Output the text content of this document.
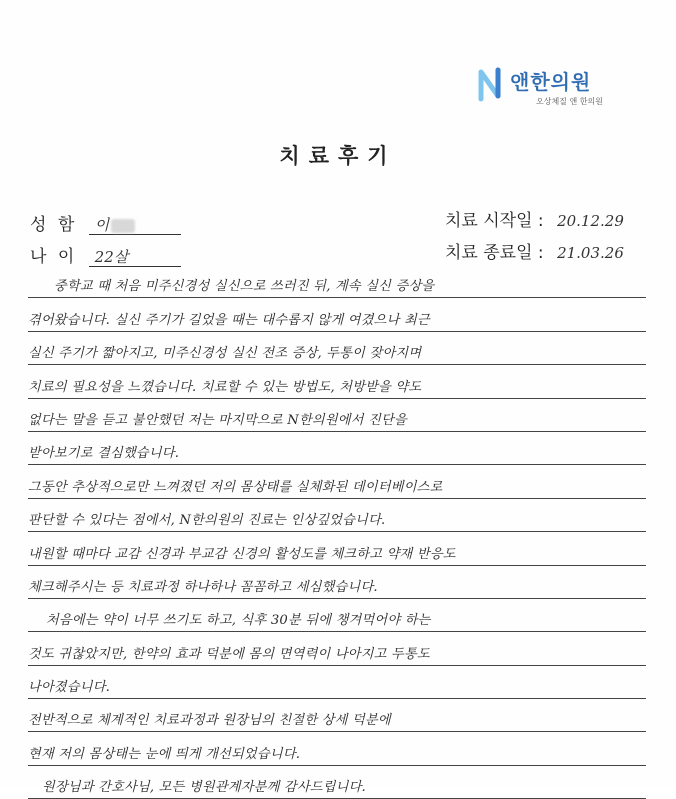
앤한의원
오상체질 앤 한의원
치료후기
성 함 이
나 이 22살
치료 시작일 : 20.12.29
치료 종료일 : 21.03.26
중학교 때 처음 미주신경성 실신으로 쓰러진 뒤, 계속 실신 증상을
겪어왔습니다. 실신 주기가 길었을 때는 대수롭지 않게 여겼으나 최근
실신 주기가 짧아지고, 미주신경성 실신 전조 증상, 두통이 잦아지며
치료의 필요성을 느꼈습니다. 치료할 수 있는 방법도, 처방받을 약도
없다는 말을 듣고 불안했던 저는 마지막으로 N한의원에서 진단을
받아보기로 결심했습니다.
그동안 추상적으로만 느껴졌던 저의 몸상태를 실체화된 데이터베이스로
판단할 수 있다는 점에서, N한의원의 진료는 인상깊었습니다.
내원할 때마다 교감 신경과 부교감 신경의 활성도를 체크하고 약재 반응도
체크해주시는 등 치료과정 하나하나 꼼꼼하고 세심했습니다.
처음에는 약이 너무 쓰기도 하고, 식후 30분 뒤에 챙겨먹어야 하는
것도 귀찮았지만, 한약의 효과 덕분에 몸의 면역력이 나아지고 두통도
나아졌습니다.
전반적으로 체계적인 치료과정과 원장님의 친절한 상세 덕분에
현재 저의 몸상태는 눈에 띄게 개선되었습니다.
원장님과 간호사님, 모든 병원관계자분께 감사드립니다.
